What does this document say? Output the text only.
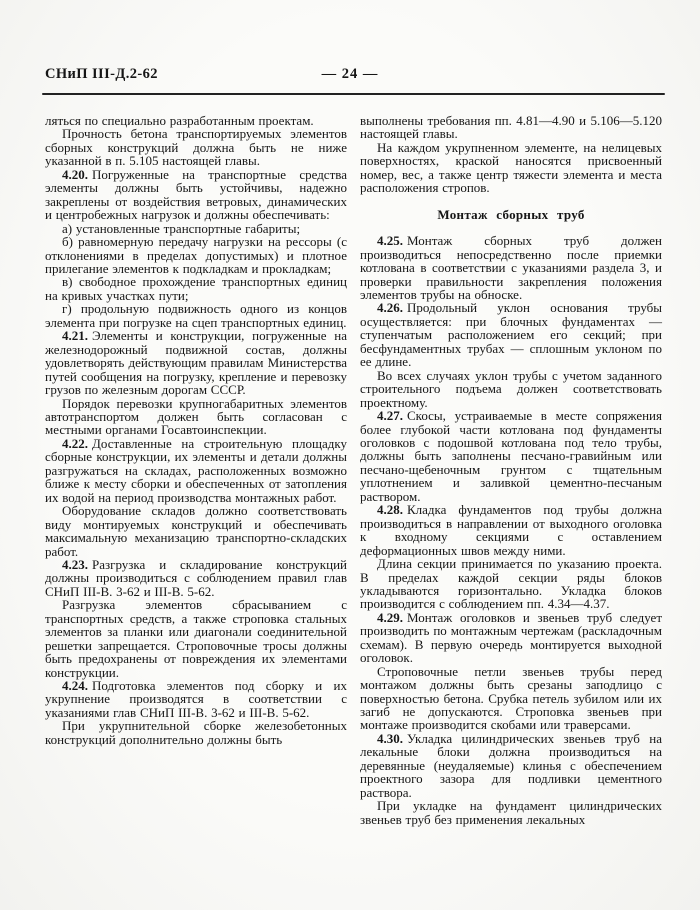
СНиП III-Д.2-62	— 24 —

ляться по специально разработанным проектам.

Прочность бетона транспортируемых элементов сборных конструкций должна быть не ниже указанной в п. 5.105 настоящей главы.

4.20. Погруженные на транспортные средства элементы должны быть устойчивы, надежно закреплены от воздействия ветровых, динамических и центробежных нагрузок и должны обеспечивать:

а) установленные транспортные габариты;

б) равномерную передачу нагрузки на рессоры (с отклонениями в пределах допустимых) и плотное прилегание элементов к подкладкам и прокладкам;

в) свободное прохождение транспортных единиц на кривых участках пути;

г) продольную подвижность одного из концов элемента при погрузке на сцеп транспортных единиц.

4.21. Элементы и конструкции, погруженные на железнодорожный подвижной состав, должны удовлетворять действующим правилам Министерства путей сообщения на погрузку, крепление и перевозку грузов по железным дорогам СССР.

Порядок перевозки крупногабаритных элементов автотранспортом должен быть согласован с местными органами Госавтоинспекции.

4.22. Доставленные на строительную площадку сборные конструкции, их элементы и детали должны разгружаться на складах, расположенных возможно ближе к месту сборки и обеспеченных от затопления их водой на период производства монтажных работ.

Оборудование складов должно соответствовать виду монтируемых конструкций и обеспечивать максимальную механизацию транспортно-складских работ.

4.23. Разгрузка и складирование конструкций должны производиться с соблюдением правил глав СНиП III-В. 3-62 и III-В. 5-62.

Разгрузка элементов сбрасыванием с транспортных средств, а также строповка стальных элементов за планки или диагонали соединительной решетки запрещается. Строповочные тросы должны быть предохранены от повреждения их элементами конструкции.

4.24. Подготовка элементов под сборку и их укрупнение производятся в соответствии с указаниями глав СНиП III-В. 3-62 и III-В. 5-62.

При укрупнительной сборке железобетонных конструкций дополнительно должны быть

выполнены требования пп. 4.81—4.90 и 5.106—5.120 настоящей главы.

На каждом укрупненном элементе, на нелицевых поверхностях, краской наносятся присвоенный номер, вес, а также центр тяжести элемента и места расположения стропов.

Монтаж сборных труб

4.25. Монтаж сборных труб должен производиться непосредственно после приемки котлована в соответствии с указаниями раздела 3, и проверки правильности закрепления положения элементов трубы на обноске.

4.26. Продольный уклон основания трубы осуществляется: при блочных фундаментах — ступенчатым расположением его секций; при бесфундаментных трубах — сплошным уклоном по ее длине.

Во всех случаях уклон трубы с учетом заданного строительного подъема должен соответствовать проектному.

4.27. Скосы, устраиваемые в месте сопряжения более глубокой части котлована под фундаменты оголовков с подошвой котлована под тело трубы, должны быть заполнены песчано-гравийным или песчано-щебеночным грунтом с тщательным уплотнением и заливкой цементно-песчаным раствором.

4.28. Кладка фундаментов под трубы должна производиться в направлении от выходного оголовка к входному секциями с оставлением деформационных швов между ними.

Длина секции принимается по указанию проекта. В пределах каждой секции ряды блоков укладываются горизонтально. Укладка блоков производится с соблюдением пп. 4.34—4.37.

4.29. Монтаж оголовков и звеньев труб следует производить по монтажным чертежам (раскладочным схемам). В первую очередь монтируется выходной оголовок.

Строповочные петли звеньев трубы перед монтажом должны быть срезаны заподлицо с поверхностью бетона. Срубка петель зубилом или их загиб не допускаются. Строповка звеньев при монтаже производится скобами или траверсами.

4.30. Укладка цилиндрических звеньев труб на лекальные блоки должна производиться на деревянные (неудаляемые) клинья с обеспечением проектного зазора для подливки цементного раствора.

При укладке на фундамент цилиндрических звеньев труб без применения лекальных
